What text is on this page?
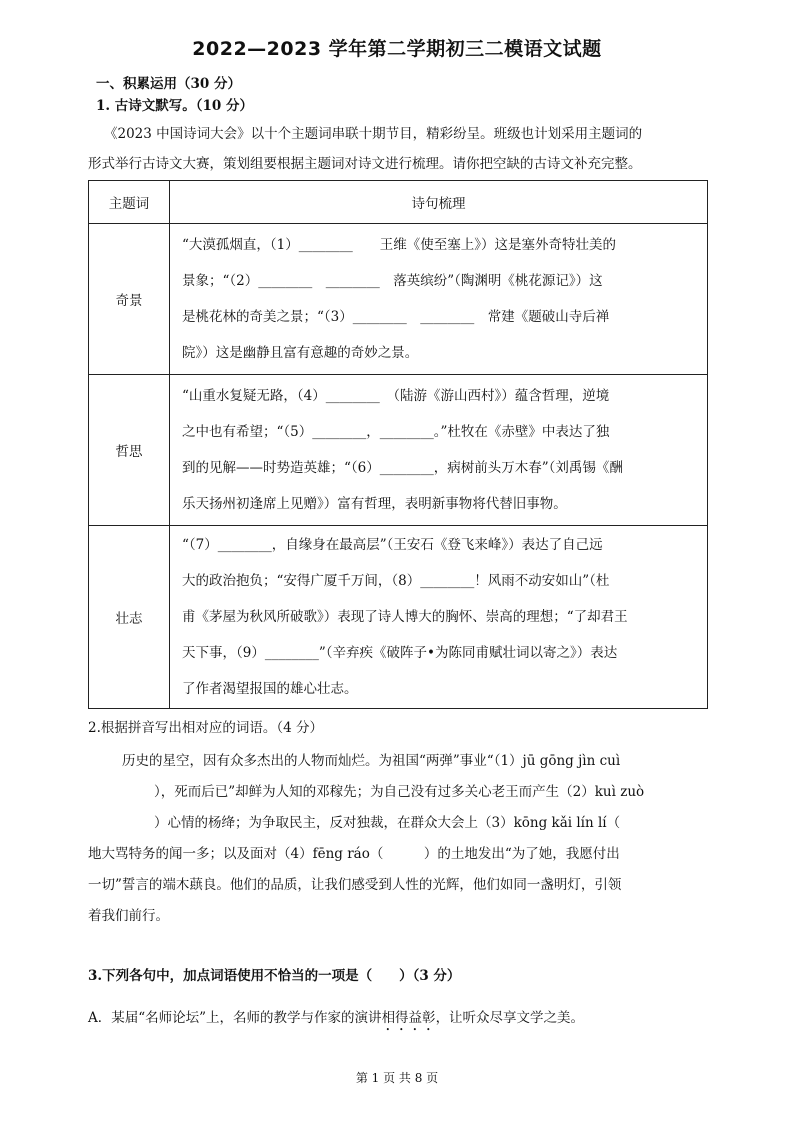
2022—2023 学年第二学期初三二模语文试题
一、积累运用（30 分）
1. 古诗文默写。（10 分）
《2023 中国诗词大会》以十个主题词串联十期节目，精彩纷呈。班级也计划采用主题词的
形式举行古诗文大赛，策划组要根据主题词对诗文进行梳理。请你把空缺的古诗文补充完整。
主题词	诗句梳理
奇景	“大漠孤烟直，（1）________　　王维《使至塞上》）这是塞外奇特壮美的
景象；“（2）________　________　落英缤纷”（陶渊明《桃花源记》）这
是桃花林的奇美之景；“（3）________　________　常建《题破山寺后禅
院》）这是幽静且富有意趣的奇妙之景。

哲思	“山重水复疑无路，（4）________　（陆游《游山西村》）蕴含哲理，逆境
之中也有希望；“（5）________，________。”杜牧在《赤壁》中表达了独
到的见解——时势造英雄；“（6）________，病树前头万木春”（刘禹锡《酬
乐天扬州初逢席上见赠》）富有哲理，表明新事物将代替旧事物。

壮志	“（7）________，自缘身在最高层”（王安石《登飞来峰》）表达了自己远
大的政治抱负；“安得广厦千万间，（8）________！风雨不动安如山”（杜
甫《茅屋为秋风所破歌》）表现了诗人博大的胸怀、崇高的理想；“了却君王
天下事，（9）________”（辛弃疾《破阵子•为陈同甫赋壮词以寄之》）表达
了作者渴望报国的雄心壮志。
2.根据拼音写出相对应的词语。（4 分）
历史的星空，因有众多杰出的人物而灿烂。为祖国“两弹”事业“（1）jū gōng jìn cuì
），死而后已”却鲜为人知的邓稼先；为自己没有过多关心老王而产生（2）kuì zuò
）心情的杨绛；为争取民主，反对独裁，在群众大会上（3）kōng kǎi lín lí（
地大骂特务的闻一多；以及面对（4）fēng ráo（　　　）的土地发出“为了她，我愿付出
一切”誓言的端木蕻良。他们的品质，让我们感受到人性的光辉，他们如同一盏明灯，引领
着我们前行。
3.下列各句中，加点词语使用不恰当的一项是（　　）（3 分）
A．某届“名师论坛”上，名师的教学与作家的演讲相得益彰，让听众尽享文学之美。
第 1 页 共 8 页
